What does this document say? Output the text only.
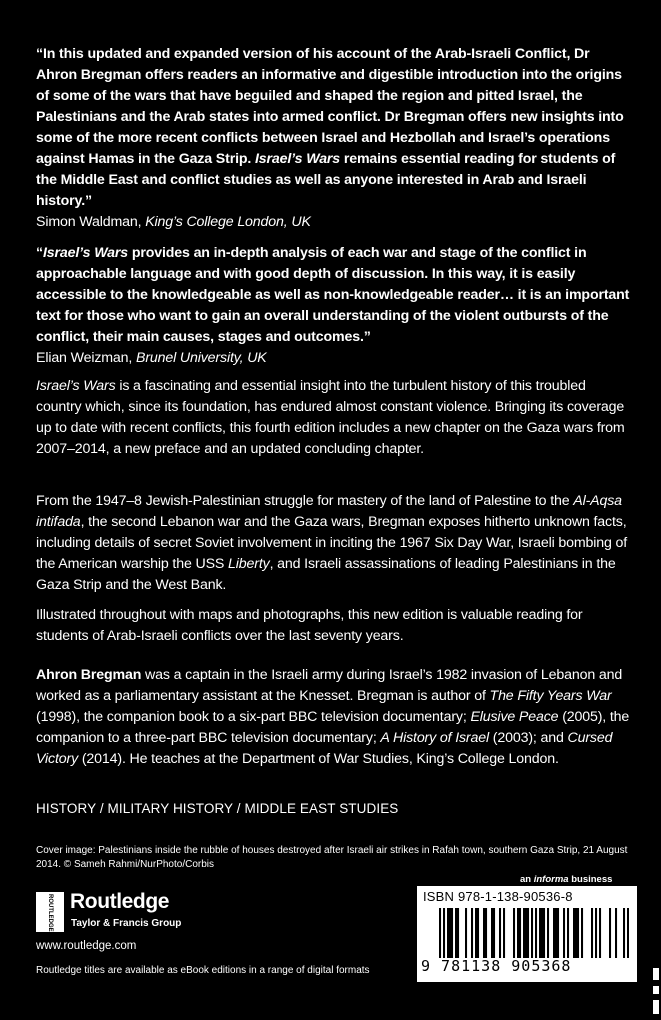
“In this updated and expanded version of his account of the Arab-Israeli Conflict, Dr Ahron Bregman offers readers an informative and digestible introduction into the origins of some of the wars that have beguiled and shaped the region and pitted Israel, the Palestinians and the Arab states into armed conflict. Dr Bregman offers new insights into some of the more recent conflicts between Israel and Hezbollah and Israel’s operations against Hamas in the Gaza Strip. Israel’s Wars remains essential reading for students of the Middle East and conflict studies as well as anyone interested in Arab and Israeli history.”

Simon Waldman, King’s College London, UK

“Israel’s Wars provides an in-depth analysis of each war and stage of the conflict in approachable language and with good depth of discussion. In this way, it is easily accessible to the knowledgeable as well as non-knowledgeable reader… it is an important text for those who want to gain an overall understanding of the violent outbursts of the conflict, their main causes, stages and outcomes.”

Elian Weizman, Brunel University, UK

Israel’s Wars is a fascinating and essential insight into the turbulent history of this troubled country which, since its foundation, has endured almost constant violence. Bringing its coverage up to date with recent conflicts, this fourth edition includes a new chapter on the Gaza wars from 2007–2014, a new preface and an updated concluding chapter.

From the 1947–8 Jewish-Palestinian struggle for mastery of the land of Palestine to the Al-Aqsa intifada, the second Lebanon war and the Gaza wars, Bregman exposes hitherto unknown facts, including details of secret Soviet involvement in inciting the 1967 Six Day War, Israeli bombing of the American warship the USS Liberty, and Israeli assassinations of leading Palestinians in the Gaza Strip and the West Bank.

Illustrated throughout with maps and photographs, this new edition is valuable reading for students of Arab-Israeli conflicts over the last seventy years.

Ahron Bregman was a captain in the Israeli army during Israel’s 1982 invasion of Lebanon and worked as a parliamentary assistant at the Knesset. Bregman is author of The Fifty Years War (1998), the companion book to a six-part BBC television documentary; Elusive Peace (2005), the companion to a three-part BBC television documentary; A History of Israel (2003); and Cursed Victory (2014). He teaches at the Department of War Studies, King’s College London.

HISTORY / MILITARY HISTORY / MIDDLE EAST STUDIES
Cover image: Palestinians inside the rubble of houses destroyed after Israeli air strikes in Rafah town, southern Gaza Strip, 21 August 2014. © Sameh Rahmi/NurPhoto/Corbis
ROUTLEDGE Routledge
Taylor & Francis Group
www.routledge.com
Routledge titles are available as eBook editions in a range of digital formats
an informa business
ISBN 978-1-138-90536-8
9 781138 905368
